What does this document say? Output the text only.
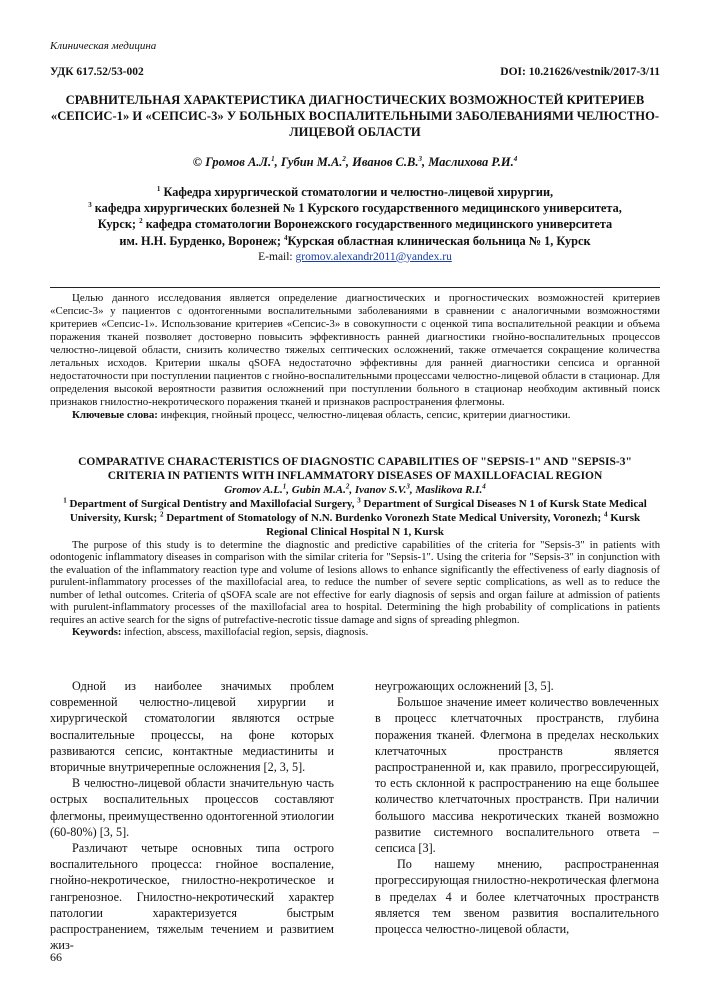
Клиническая медицина
УДК 617.52/53-002	DOI: 10.21626/vestnik/2017-3/11
СРАВНИТЕЛЬНАЯ ХАРАКТЕРИСТИКА ДИАГНОСТИЧЕСКИХ ВОЗМОЖНОСТЕЙ КРИТЕРИЕВ «СЕПСИС-1» И «СЕПСИС-3» У БОЛЬНЫХ ВОСПАЛИТЕЛЬНЫМИ ЗАБОЛЕВАНИЯМИ ЧЕЛЮСТНО-ЛИЦЕВОЙ ОБЛАСТИ
© Громов А.Л.$^1$, Губин М.А.$^2$, Иванов С.В.$^3$, Маслихова Р.И.$^4$
$^1$ Кафедра хирургической стоматологии и челюстно-лицевой хирургии,
$^3$ кафедра хирургических болезней № 1 Курского государственного медицинского университета,
Курск; $^2$ кафедра стоматологии Воронежского государственного медицинского университета
им. Н.Н. Бурденко, Воронеж; $^4$Курская областная клиническая больница № 1, Курск
E-mail: gromov.alexandr2011@yandex.ru

Целью данного исследования является определение диагностических и прогностических возможностей критериев «Сепсис-3» у пациентов с одонтогенными воспалительными заболеваниями в сравнении с аналогичными возможностями критериев «Сепсис-1». Использование критериев «Сепсис-3» в совокупности с оценкой типа воспалительной реакции и объема поражения тканей позволяет достоверно повысить эффективность ранней диагностики гнойно-воспалительных процессов челюстно-лицевой области, снизить количество тяжелых септических осложнений, также отмечается сокращение количества летальных исходов. Критерии шкалы qSOFA недостаточно эффективны для ранней диагностики сепсиса и органной недостаточности при поступлении пациентов с гнойно-воспалительными процессами челюстно-лицевой области в стационар. Для определения высокой вероятности развития осложнений при поступлении больного в стационар необходим активный поиск признаков гнилостно-некротического поражения тканей и признаков распространения флегмоны.

Ключевые слова: инфекция, гнойный процесс, челюстно-лицевая область, сепсис, критерии диагностики.

COMPARATIVE CHARACTERISTICS OF DIAGNOSTIC CAPABILITIES OF "SEPSIS-1" AND "SEPSIS-3" CRITERIA IN PATIENTS WITH INFLAMMATORY DISEASES OF MAXILLOFACIAL REGION
Gromov A.L.$^1$, Gubin M.A.$^2$, Ivanov S.V.$^3$, Maslikova R.I.$^4$
$^1$ Department of Surgical Dentistry and Maxillofacial Surgery, $^3$ Department of Surgical Diseases N 1 of Kursk State Medical University, Kursk; $^2$ Department of Stomatology of N.N. Burdenko Voronezh State Medical University, Voronezh; $^4$ Kursk Regional Clinical Hospital N 1, Kursk

The purpose of this study is to determine the diagnostic and predictive capabilities of the criteria for "Sepsis-3" in patients with odontogenic inflammatory diseases in comparison with the similar criteria for "Sepsis-1". Using the criteria for "Sepsis-3" in conjunction with the evaluation of the inflammatory reaction type and volume of lesions allows to enhance significantly the effectiveness of early diagnosis of purulent-inflammatory processes of the maxillofacial area, to reduce the number of severe septic complications, as well as to reduce the number of lethal outcomes. Criteria of qSOFA scale are not effective for early diagnosis of sepsis and organ failure at admission of patients with purulent-inflammatory processes of the maxillofacial area to hospital. Determining the high probability of complications in patients requires an active search for the signs of putrefactive-necrotic tissue damage and signs of spreading phlegmon.

Keywords: infection, abscess, maxillofacial region, sepsis, diagnosis.

Одной из наиболее значимых проблем современной челюстно-лицевой хирургии и хирургической стоматологии являются острые воспалительные процессы, на фоне которых развиваются сепсис, контактные медиастиниты и вторичные внутричерепные осложнения [2, 3, 5].

В челюстно-лицевой области значительную часть острых воспалительных процессов составляют флегмоны, преимущественно одонтогенной этиологии (60-80%) [3, 5].

Различают четыре основных типа острого воспалительного процесса: гнойное воспаление, гнойно-некротическое, гнилостно-некротическое и гангренозное. Гнилостно-некротический характер патологии характеризуется быстрым распространением, тяжелым течением и развитием жиз-

неугрожающих осложнений [3, 5].

Большое значение имеет количество вовлеченных в процесс клетчаточных пространств, глубина поражения тканей. Флегмона в пределах нескольких клетчаточных пространств является распространенной и, как правило, прогрессирующей, то есть склонной к распространению на еще большее количество клетчаточных пространств. При наличии большого массива некротических тканей возможно развитие системного воспалительного ответа – сепсиса [3].

По нашему мнению, распространенная прогрессирующая гнилостно-некротическая флегмона в пределах 4 и более клетчаточных пространств является тем звеном развития воспалительного процесса челюстно-лицевой области,

66
